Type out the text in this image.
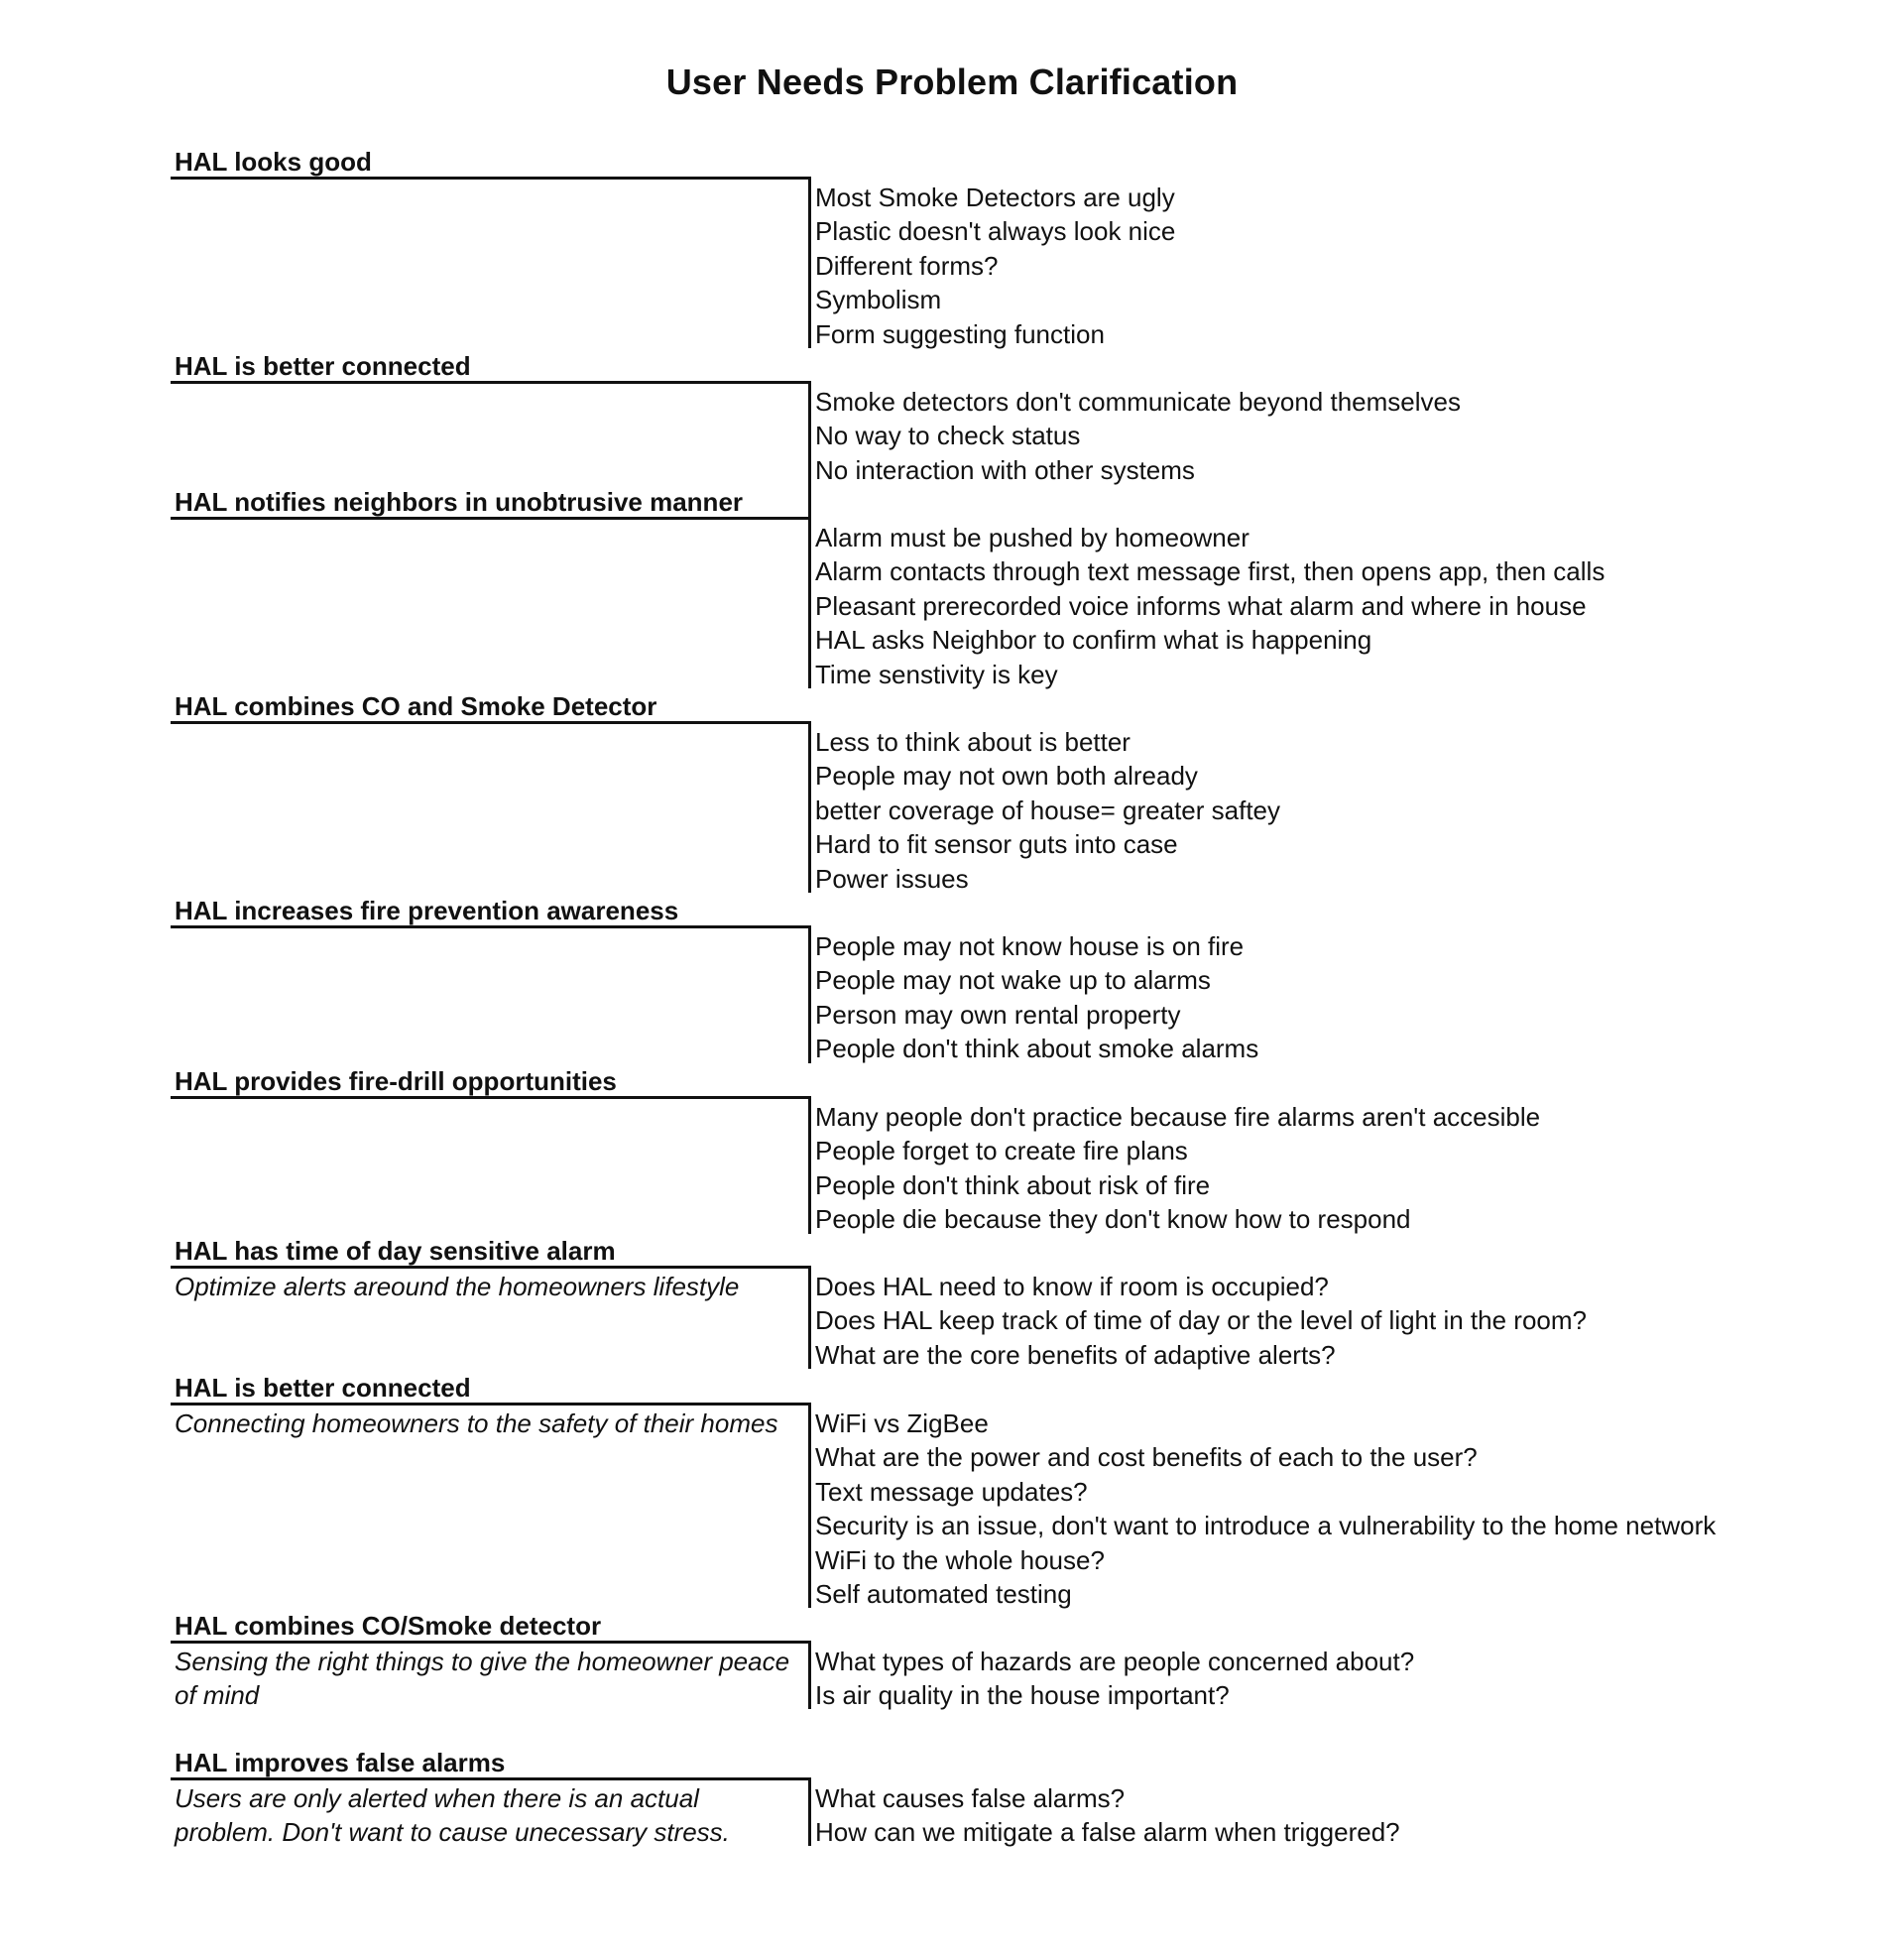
User Needs Problem Clarification
HAL looks good
Most Smoke Detectors are ugly
Plastic doesn't always look nice
Different forms?
Symbolism
Form suggesting function
HAL is better connected
Smoke detectors don't communicate beyond themselves
No way to check status
No interaction with other systems
HAL notifies neighbors in unobtrusive manner
Alarm must be pushed by homeowner
Alarm contacts through text message first, then opens app, then calls
Pleasant prerecorded voice informs what alarm and where in house
HAL asks Neighbor to confirm what is happening
Time senstivity is key
HAL combines CO and Smoke Detector
Less to think about is better
People may not own both already
better coverage of house= greater saftey
Hard to fit sensor guts into case
Power issues
HAL increases fire prevention awareness
People may not know house is on fire
People may not wake up to alarms
Person may own rental property
People don't think about smoke alarms
HAL provides fire-drill opportunities
Many people don't practice because fire alarms aren't accesible
People forget to create fire plans
People don't think about risk of fire
People die because they don't know how to respond
HAL has time of day sensitive alarm
Optimize alerts areound the homeowners lifestyle	Does HAL need to know if room is occupied?
Does HAL keep track of time of day or the level of light in the room?
What are the core benefits of adaptive alerts?
HAL is better connected
Connecting homeowners to the safety of their homes	WiFi vs ZigBee
What are the power and cost benefits of each to the user?
Text message updates?
Security is an issue, don't want to introduce a vulnerability to the home network
WiFi to the whole house?
Self automated testing
HAL combines CO/Smoke detector
Sensing the right things to give the homeowner peace of mind
What types of hazards are people concerned about?
Is air quality in the house important?
HAL improves false alarms
Users are only alerted when there is an actual problem. Don't want to cause unecessary stress.
What causes false alarms?
How can we mitigate a false alarm when triggered?
